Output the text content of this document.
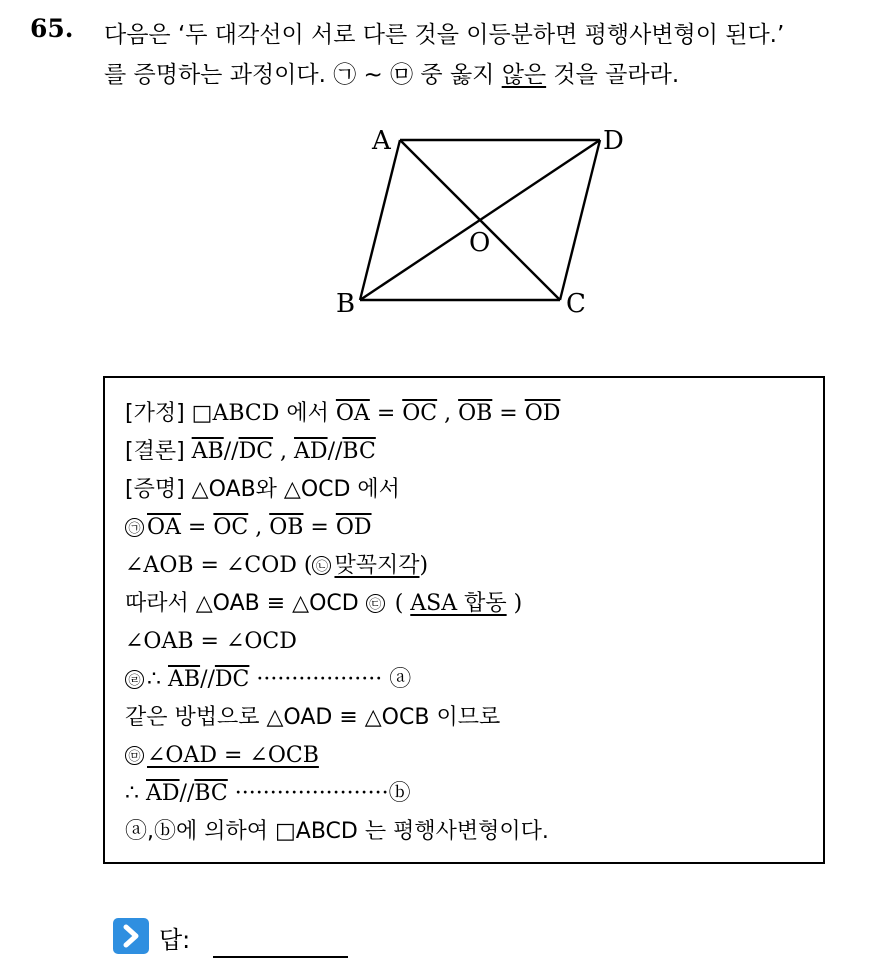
65. 다음은 ‘두 대각선이 서로 다른 것을 이등분하면 평행사변형이 된다.’
를 증명하는 과정이다. ㉠ ~ ㉤ 중 옳지 않은 것을 골라라.
A	D
O
B	C
[가정] □ABCD 에서 $\overline{OA} = \overline{OC}$ , $\overline{OB} = \overline{OD}$
[결론] $\overline{AB}//\overline{DC}$ , $\overline{AD}//\overline{BC}$
[증명] △OAB와 △OCD 에서
㉠ $\overline{OA} = \overline{OC}$ , $\overline{OB} = \overline{OD}$
∠AOB = ∠COD ( ㉡ 맞꼭지각)
따라서 △OAB ≡ △OCD ㉢ ( ASA 합동 )
∠OAB = ∠OCD
㉣ ∴ $\overline{AB}//\overline{DC}$ ·················· ⓐ
같은 방법으로 △OAD ≡ △OCB 이므로
㉤ ∠OAD = ∠OCB
∴ $\overline{AD}//\overline{BC}$ ······················ⓑ
ⓐ,ⓑ에 의하여 □ABCD 는 평행사변형이다.
답:
